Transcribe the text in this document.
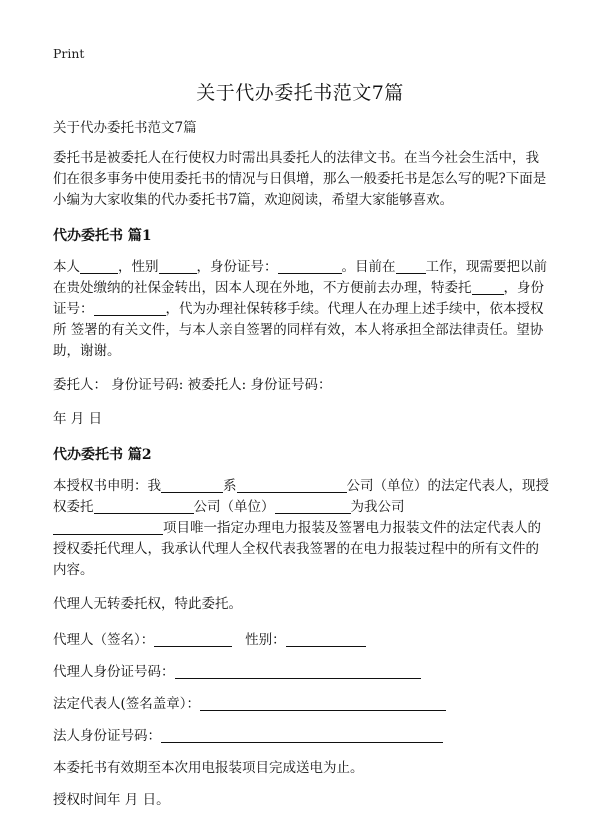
Print
关于代办委托书范文7篇

关于代办委托书范文7篇

委托书是被委托人在行使权力时需出具委托人的法律文书。在当今社会生活中，我们在很多事务中使用委托书的情况与日俱增，那么一般委托书是怎么写的呢?下面是小编为大家收集的代办委托书7篇，欢迎阅读，希望大家能够喜欢。

代办委托书 篇1

本人	，性别	，身份证号：	。目前在 工作，现需要把以前在贵处缴纳的社保金转出，因本人现在外地，不方便前去办理，特委托 ，身份证号：	，代为办理社保转移手续。代理人在办理上述手续中，依本授权所 签署的有关文件，与本人亲自签署的同样有效，本人将承担全部法律责任。望协助，谢谢。

委托人： 身份证号码: 被委托人: 身份证号码：

年 月 日

代办委托书 篇2

本授权书申明：我	系	公司（单位）的法定代表人，现授权委托	公司（单位）	为我公司
项目唯一指定办理电力报装及签署电力报装文件的法定代表人的授权委托代理人，我承认代理人全权代表我签署的在电力报装过程中的所有文件的内容。

代理人无转委托权，特此委托。

代理人（签名）：	性别：

代理人身份证号码：

法定代表人(签名盖章）：

法人身份证号码：

本委托书有效期至本次用电报装项目完成送电为止。

授权时间年 月 日。
